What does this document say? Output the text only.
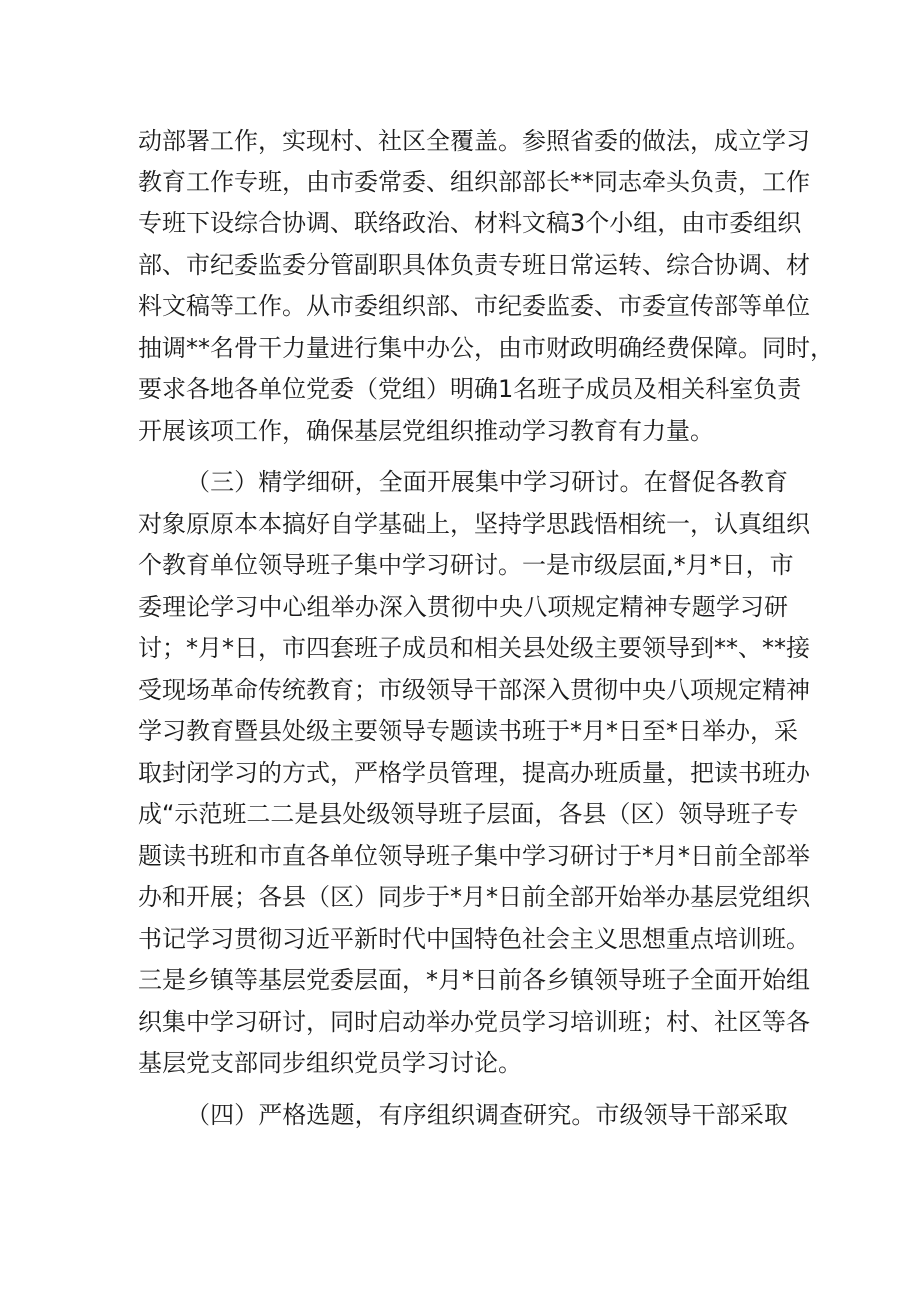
动部署工作，实现村、社区全覆盖。参照省委的做法，成立学习
教育工作专班，由市委常委、组织部部长**同志牵头负责，工作
专班下设综合协调、联络政治、材料文稿3个小组，由市委组织
部、市纪委监委分管副职具体负责专班日常运转、综合协调、材
料文稿等工作。从市委组织部、市纪委监委、市委宣传部等单位
抽调**名骨干力量进行集中办公，由市财政明确经费保障。同时，
要求各地各单位党委（党组）明确1名班子成员及相关科室负责
开展该项工作，确保基层党组织推动学习教育有力量。
（三）精学细研，全面开展集中学习研讨。在督促各教育
对象原原本本搞好自学基础上，坚持学思践悟相统一，认真组织
个教育单位领导班子集中学习研讨。一是市级层面,*月*日，市
委理论学习中心组举办深入贯彻中央八项规定精神专题学习研
讨；*月*日，市四套班子成员和相关县处级主要领导到**、**接
受现场革命传统教育；市级领导干部深入贯彻中央八项规定精神
学习教育暨县处级主要领导专题读书班于*月*日至*日举办，采
取封闭学习的方式，严格学员管理，提高办班质量，把读书班办
成“示范班二二是县处级领导班子层面，各县（区）领导班子专
题读书班和市直各单位领导班子集中学习研讨于*月*日前全部举
办和开展；各县（区）同步于*月*日前全部开始举办基层党组织
书记学习贯彻习近平新时代中国特色社会主义思想重点培训班。
三是乡镇等基层党委层面，*月*日前各乡镇领导班子全面开始组
织集中学习研讨，同时启动举办党员学习培训班；村、社区等各
基层党支部同步组织党员学习讨论。
（四）严格选题，有序组织调查研究。市级领导干部采取
